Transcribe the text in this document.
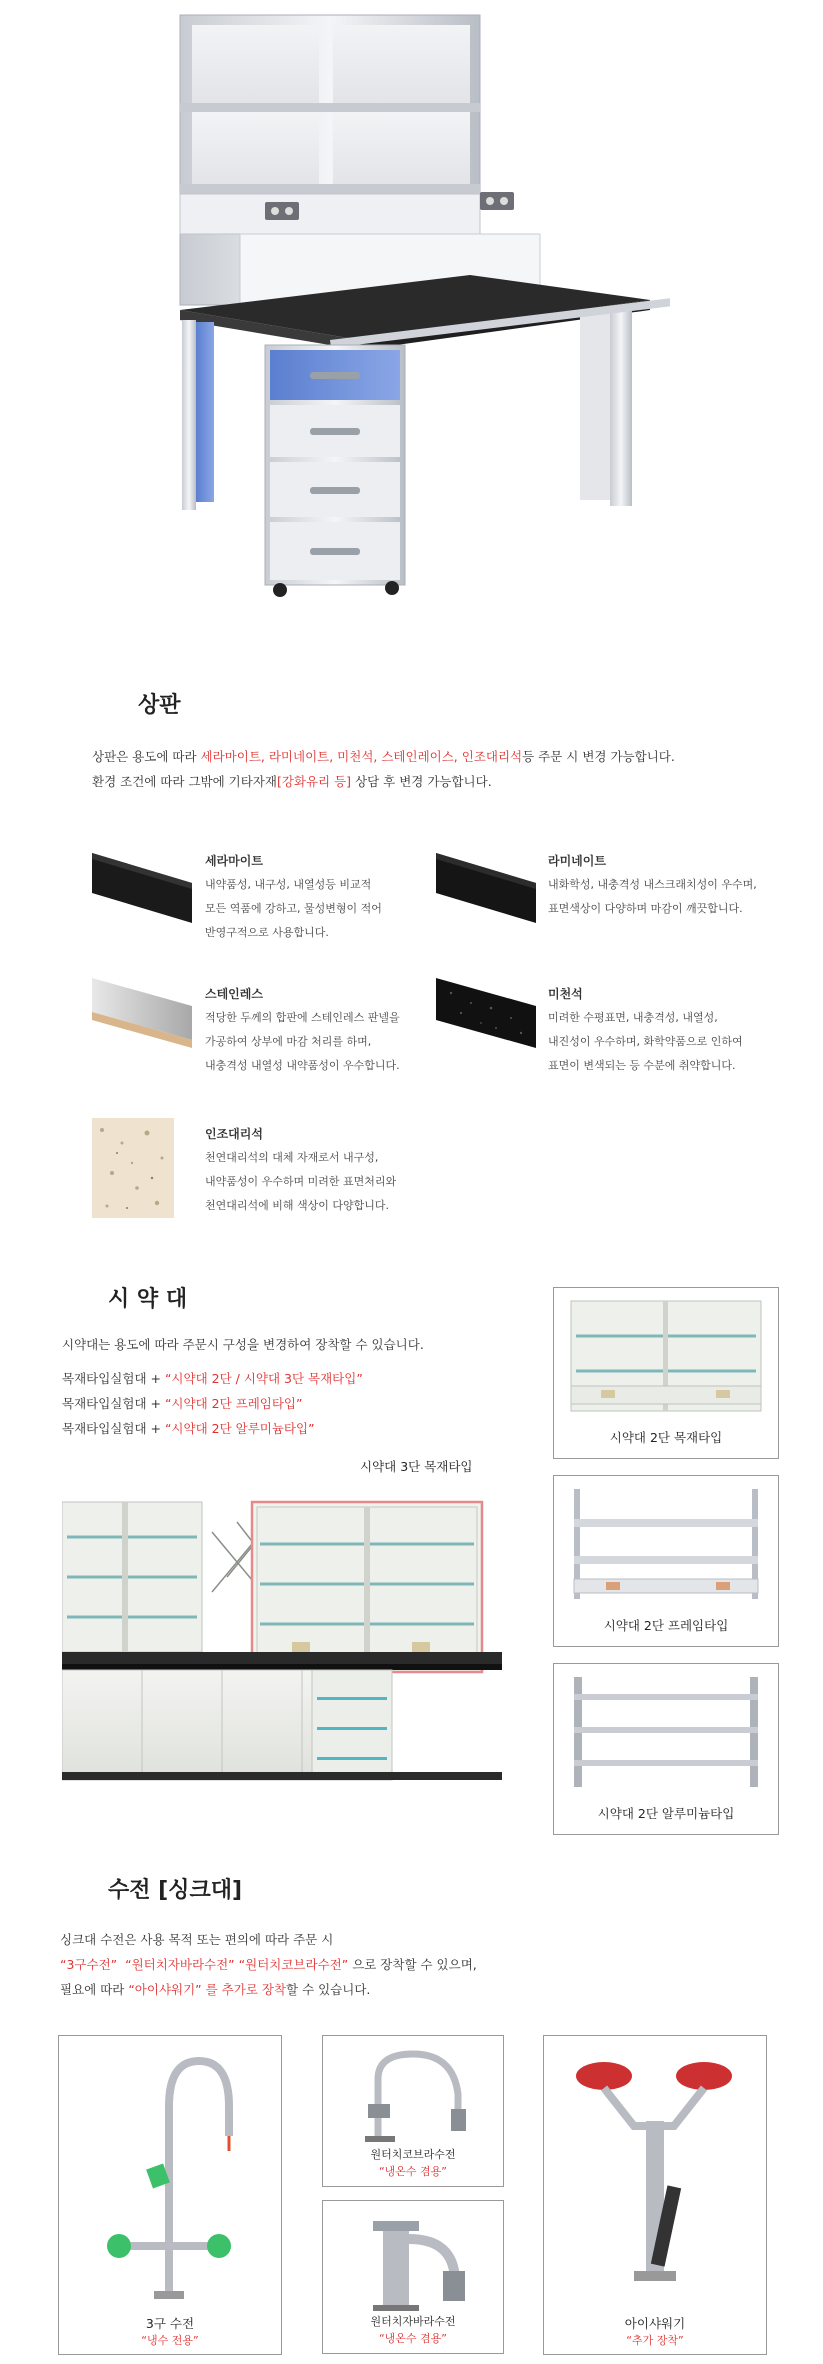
상판
상판은 용도에 따라 세라마이트, 라미네이트, 미천석, 스테인레이스, 인조대리석등 주문 시 변경 가능합니다.
환경 조건에 따라 그밖에 기타자재[강화유리 등] 상담 후 변경 가능합니다.
세라마이트
내약품성, 내구성, 내열성등 비교적
모든 역품에 강하고, 물성변형이 적어
반영구적으로 사용합니다.
라미네이트
내화학성, 내충격성 내스크래치성이 우수며,
표면색상이 다양하며 마감이 깨끗합니다.
스테인레스
적당한 두께의 합판에 스테인레스 판넬을
가공하여 상부에 마감 처리를 하며,
내충격성 내열성 내약품성이 우수합니다.
미천석
미려한 수평표면, 내충격성, 내열성,
내진성이 우수하며, 화학약품으로 인하여
표면이 변색되는 등 수분에 취약합니다.
인조대리석
천연대리석의 대체 자재로서 내구성,
내약품성이 우수하며 미려한 표면처리와
천연대리석에 비해 색상이 다양합니다.
시 약 대
시약대는 용도에 따라 주문시 구성을 변경하여 장착할 수 있습니다.
목재타입실험대 + “시약대 2단 / 시약대 3단 목재타입”
목재타입실험대 + “시약대 2단 프레임타입”
목재타입실험대 + “시약대 2단 알루미늄타입”
시약대 3단 목재타입
시약대 2단 목재타입
시약대 2단 프레임타입
시약대 2단 알루미늄타입
수전 [싱크대]
싱크대 수전은 사용 목적 또는 편의에 따라 주문 시
“3구수전” “원터치자바라수전” “원터치코브라수전” 으로 장착할 수 있으며,
필요에 따라 “아이샤워기” 를 추가로 장착할 수 있습니다.
3구 수전
“냉수 전용”
원터치코브라수전
“냉온수 겸용”
원터치자바라수전
“냉온수 겸용”
아이샤워기
“추가 장착”
